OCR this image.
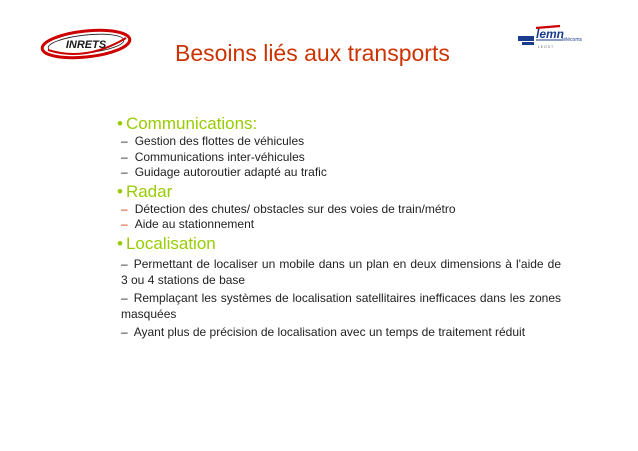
INRETS
lemn
télécoms
L E O S T
Besoins liés aux transports
• Communications:
– Gestion des flottes de véhicules
– Communications inter-véhicules
– Guidage autoroutier adapté au trafic
• Radar
– Détection des chutes/ obstacles sur des voies de train/métro
– Aide au stationnement
• Localisation
– Permettant de localiser un mobile dans un plan en deux dimensions à l'aide de 3 ou 4 stations de base
– Remplaçant les systèmes de localisation satellitaires inefficaces dans les zones masquées
– Ayant plus de précision de localisation avec un temps de traitement réduit
